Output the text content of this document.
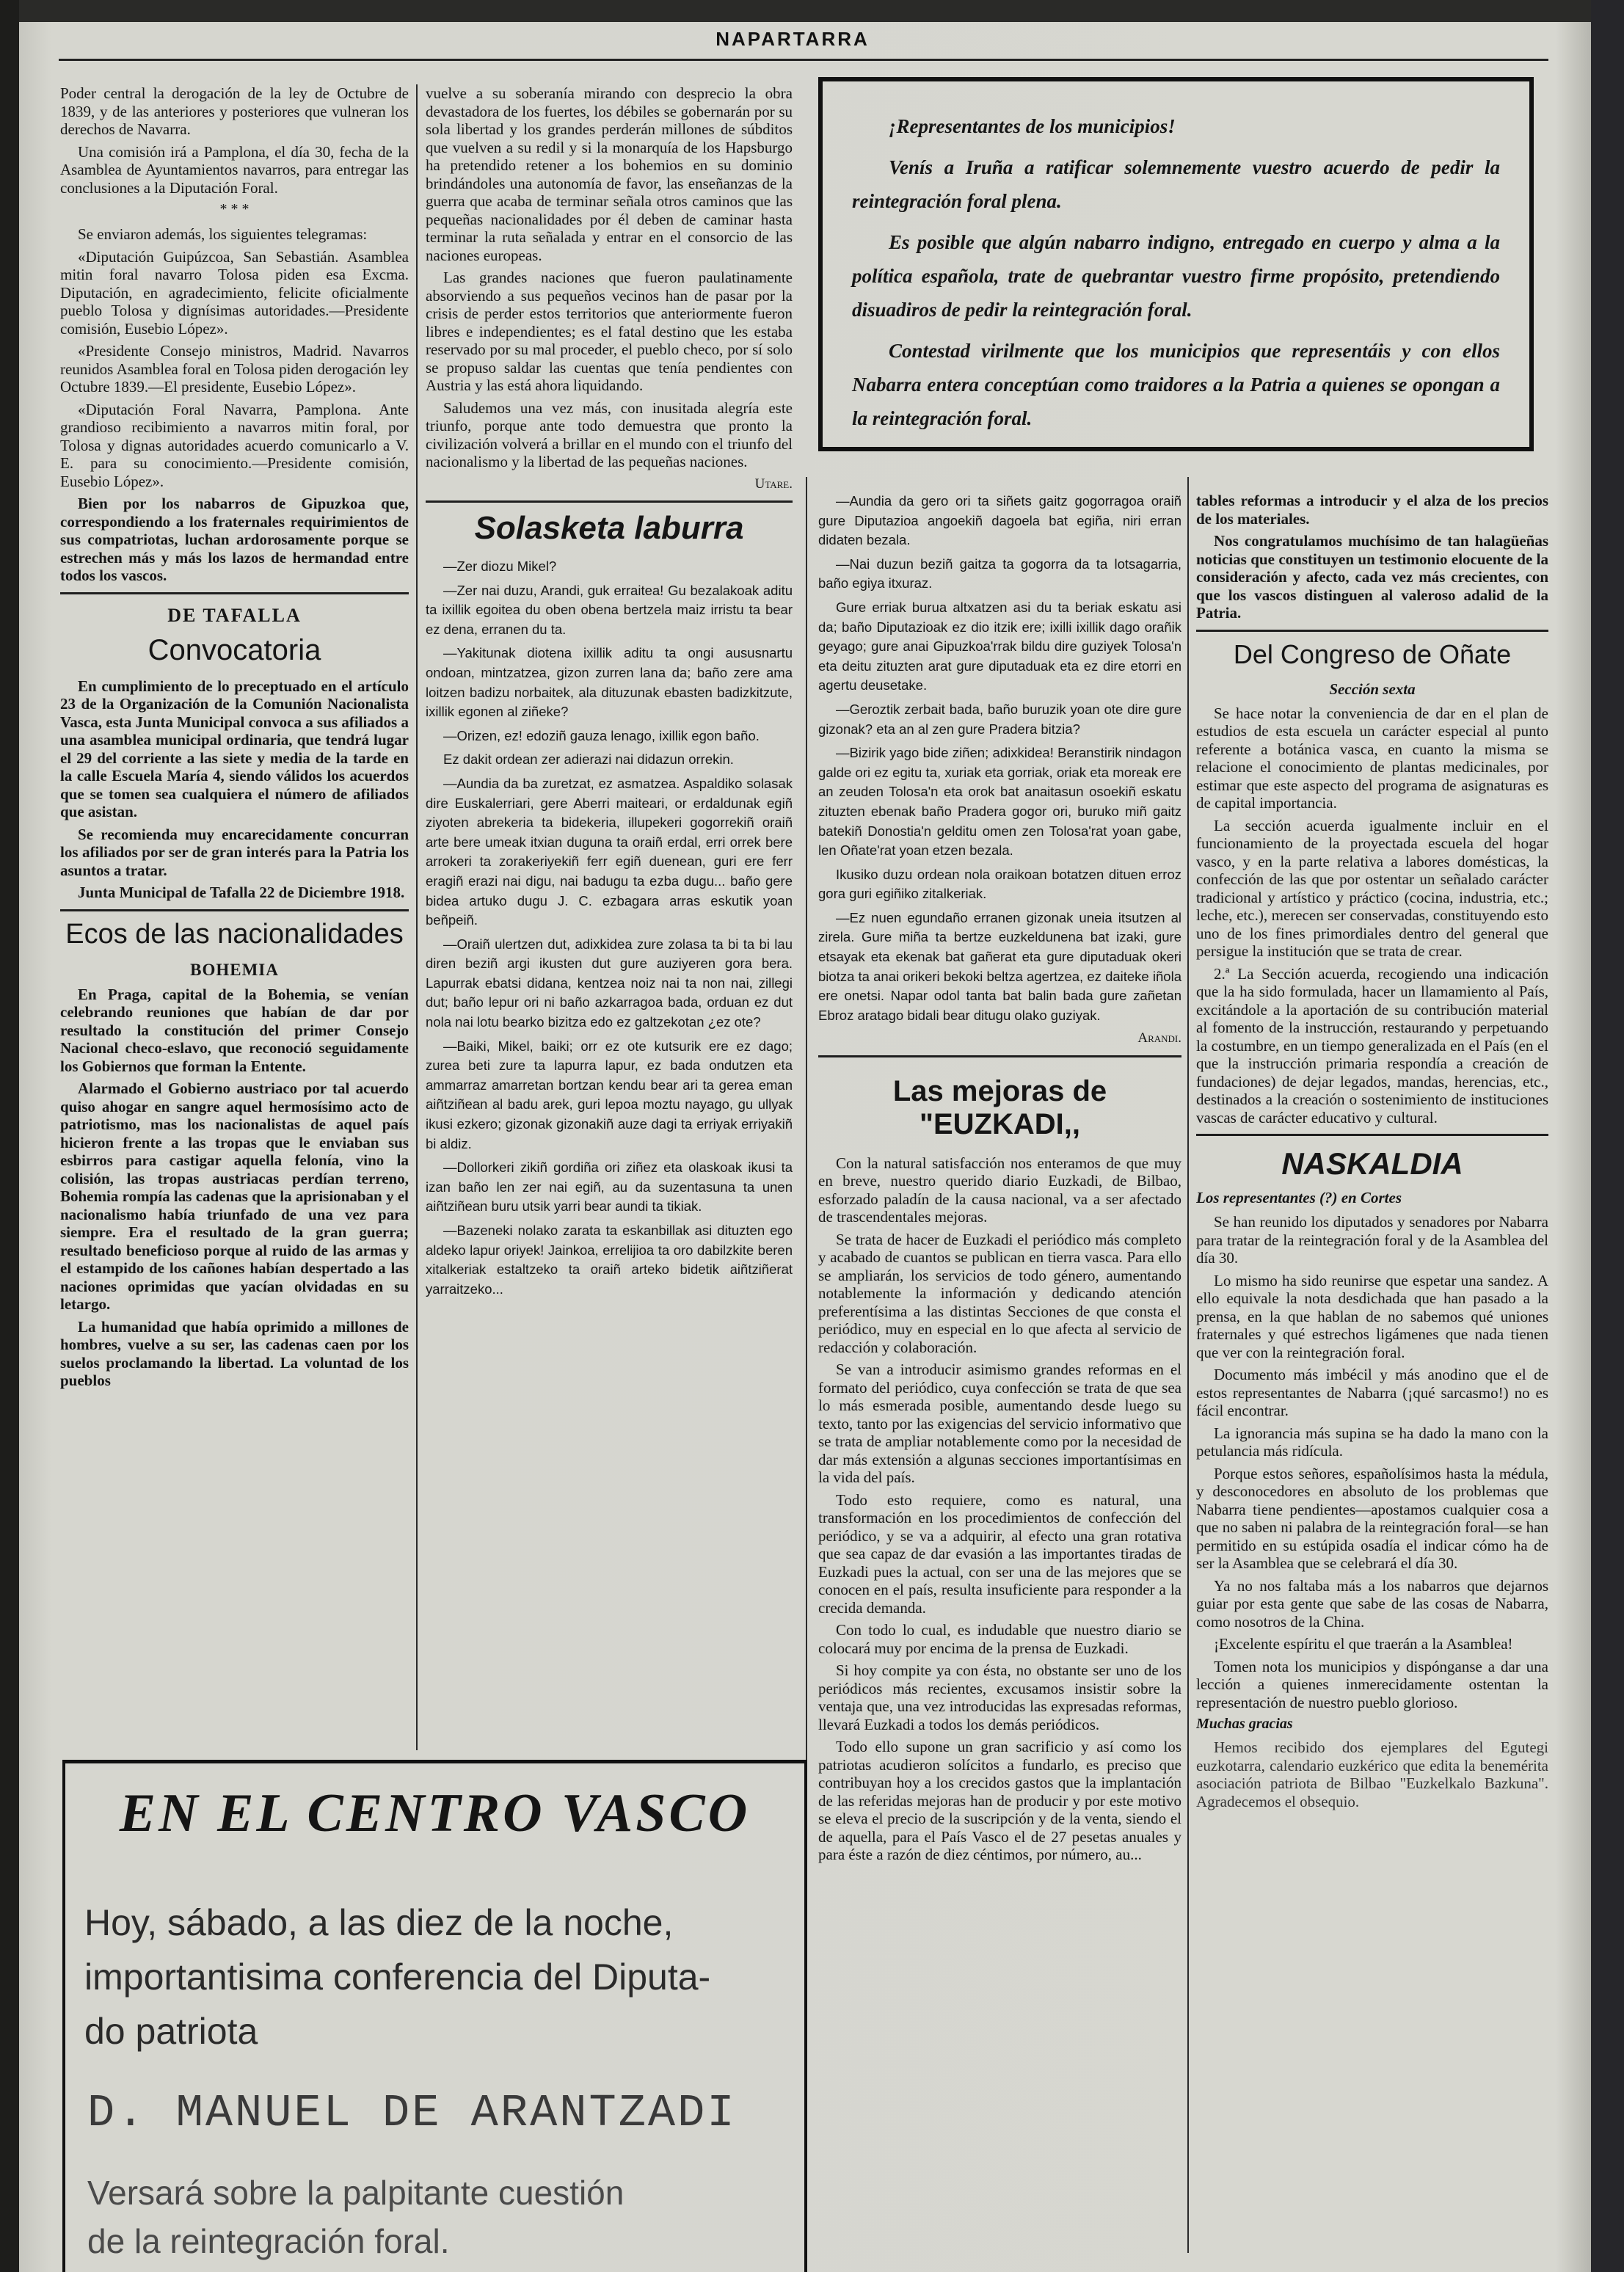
NAPARTARRA

Poder central la derogación de la ley de Octubre de 1839, y de las anteriores y posteriores que vulneran los derechos de Navarra.

Una comisión irá a Pamplona, el día 30, fecha de la Asamblea de Ayuntamientos navarros, para entregar las conclusiones a la Diputación Foral.

* * *

Se enviaron además, los siguientes telegramas:

«Diputación Guipúzcoa, San Sebastián. Asamblea mitin foral navarro Tolosa piden esa Excma. Diputación, en agradecimiento, felicite oficialmente pueblo Tolosa y dignísimas autoridades.—Presidente comisión, Eusebio López».

«Presidente Consejo ministros, Madrid. Navarros reunidos Asamblea foral en Tolosa piden derogación ley Octubre 1839.—El presidente, Eusebio López».

«Diputación Foral Navarra, Pamplona. Ante grandioso recibimiento a navarros mitin foral, por Tolosa y dignas autoridades acuerdo comunicarlo a V. E. para su conocimiento.—Presidente comisión, Eusebio López».

Bien por los nabarros de Gipuzkoa que, correspondiendo a los fraternales requirimientos de sus compatriotas, luchan ardorosamente porque se estrechen más y más los lazos de hermandad entre todos los vascos.

DE TAFALLA
Convocatoria

En cumplimiento de lo preceptuado en el artículo 23 de la Organización de la Comunión Nacionalista Vasca, esta Junta Municipal convoca a sus afiliados a una asamblea municipal ordinaria, que tendrá lugar el 29 del corriente a las siete y media de la tarde en la calle Escuela María 4, siendo válidos los acuerdos que se tomen sea cualquiera el número de afiliados que asistan.

Se recomienda muy encarecidamente concurran los afiliados por ser de gran interés para la Patria los asuntos a tratar.

Junta Municipal de Tafalla 22 de Diciembre 1918.

Ecos de las nacionalidades
BOHEMIA

En Praga, capital de la Bohemia, se venían celebrando reuniones que habían de dar por resultado la constitución del primer Consejo Nacional checo-eslavo, que reconoció seguidamente los Gobiernos que forman la Entente.

Alarmado el Gobierno austriaco por tal acuerdo quiso ahogar en sangre aquel hermosísimo acto de patriotismo, mas los nacionalistas de aquel país hicieron frente a las tropas que le enviaban sus esbirros para castigar aquella felonía, vino la colisión, las tropas austriacas perdían terreno, Bohemia rompía las cadenas que la aprisionaban y el nacionalismo había triunfado de una vez para siempre. Era el resultado de la gran guerra; resultado beneficioso porque al ruido de las armas y el estampido de los cañones habían despertado a las naciones oprimidas que yacían olvidadas en su letargo.

La humanidad que había oprimido a millones de hombres, vuelve a su ser, las cadenas caen por los suelos proclamando la libertad. La voluntad de los pueblos

vuelve a su soberanía mirando con desprecio la obra devastadora de los fuertes, los débiles se gobernarán por su sola libertad y los grandes perderán millones de súbditos que vuelven a su redil y si la monarquía de los Hapsburgo ha pretendido retener a los bohemios en su dominio brindándoles una autonomía de favor, las enseñanzas de la guerra que acaba de terminar señala otros caminos que las pequeñas nacionalidades por él deben de caminar hasta terminar la ruta señalada y entrar en el consorcio de las naciones europeas.

Las grandes naciones que fueron paulatinamente absorviendo a sus pequeños vecinos han de pasar por la crisis de perder estos territorios que anteriormente fueron libres e independientes; es el fatal destino que les estaba reservado por su mal proceder, el pueblo checo, por sí solo se propuso saldar las cuentas que tenía pendientes con Austria y las está ahora liquidando.

Saludemos una vez más, con inusitada alegría este triunfo, porque ante todo demuestra que pronto la civilización volverá a brillar en el mundo con el triunfo del nacionalismo y la libertad de las pequeñas naciones.

Utare.

Solasketa laburra

—Zer diozu Mikel?

—Zer nai duzu, Arandi, guk erraitea! Gu bezalakoak aditu ta ixillik egoitea du oben obena bertzela maiz irristu ta bear ez dena, erranen du ta.

—Yakitunak diotena ixillik aditu ta ongi aususnartu ondoan, mintzatzea, gizon zurren lana da; baño zere ama loitzen badizu norbaitek, ala dituzunak ebasten badizkitzute, ixillik egonen al ziñeke?

—Orizen, ez! edoziñ gauza lenago, ixillik egon baño.

Ez dakit ordean zer adierazi nai didazun orrekin.

—Aundia da ba zuretzat, ez asmatzea. Aspaldiko solasak dire Euskalerriari, gere Aberri maiteari, or erdaldunak egiñ ziyoten abrekeria ta bidekeria, illupekeri gogorrekiñ oraiñ arte bere umeak itxian duguna ta oraiñ erdal, erri orrek bere arrokeri ta zorakeriyekiñ ferr egiñ duenean, guri ere ferr eragiñ erazi nai digu, nai badugu ta ezba dugu... baño gere bidea artuko dugu J. C. ezbagara arras eskutik yoan beñpeiñ.

—Oraiñ ulertzen dut, adixkidea zure zolasa ta bi ta bi lau diren beziñ argi ikusten dut gure auziyeren gora bera. Lapurrak ebatsi didana, kentzea noiz nai ta non nai, zillegi dut; baño lepur ori ni baño azkarragoa bada, orduan ez dut nola nai lotu bearko bizitza edo ez galtzekotan ¿ez ote?

—Baiki, Mikel, baiki; orr ez ote kutsurik ere ez dago; zurea beti zure ta lapurra lapur, ez bada ondutzen eta ammarraz amarretan bortzan kendu bear ari ta gerea eman aiñtziñean al badu arek, guri lepoa moztu nayago, gu ullyak ikusi ezkero; gizonak gizonakiñ auze dagi ta erriyak erriyakiñ bi aldiz.

—Dollorkeri zikiñ gordiña ori ziñez eta olaskoak ikusi ta izan baño len zer nai egiñ, au da suzentasuna ta unen aiñtziñean buru utsik yarri bear aundi ta tikiak.

—Bazeneki nolako zarata ta eskanbillak asi dituzten ego aldeko lapur oriyek! Jainkoa, errelijioa ta oro dabilzkite beren xitalkeriak estaltzeko ta oraiñ arteko bidetik aiñtziñerat yarraitzeko...

¡Representantes de los municipios!

Venís a Iruña a ratificar solemnemente vuestro acuerdo de pedir la reintegración foral plena.

Es posible que algún nabarro indigno, entregado en cuerpo y alma a la política española, trate de quebrantar vuestro firme propósito, pretendiendo disuadiros de pedir la reintegración foral.

Contestad virilmente que los municipios que representáis y con ellos Nabarra entera conceptúan como traidores a la Patria a quienes se opongan a la reintegración foral.

—Aundia da gero ori ta siñets gaitz gogorragoa oraiñ gure Diputazioa angoekiñ dagoela bat egiña, niri erran didaten bezala.

—Nai duzun beziñ gaitza ta gogorra da ta lotsagarria, baño egiya itxuraz.

Gure erriak burua altxatzen asi du ta beriak eskatu asi da; baño Diputazioak ez dio itzik ere; ixilli ixillik dago orañik geyago; gure anai Gipuzkoa'rrak bildu dire guziyek Tolosa'n eta deitu zituzten arat gure diputaduak eta ez dire etorri en agertu deusetake.

—Geroztik zerbait bada, baño buruzik yoan ote dire gure gizonak? eta an al zen gure Pradera bitzia?

—Bizirik yago bide ziñen; adixkidea! Beranstirik nindagon galde ori ez egitu ta, xuriak eta gorriak, oriak eta moreak ere an zeuden Tolosa'n eta orok bat anaitasun osoekiñ eskatu zituzten ebenak baño Pradera gogor ori, buruko miñ gaitz batekiñ Donostia'n gelditu omen zen Tolosa'rat yoan gabe, len Oñate'rat yoan etzen bezala.

Ikusiko duzu ordean nola oraikoan botatzen dituen erroz gora guri egiñiko zitalkeriak.

—Ez nuen egundaño erranen gizonak uneia itsutzen al zirela. Gure miña ta bertze euzkeldunena bat izaki, gure etsayak eta ekenak bat gañerat eta gure diputaduak okeri biotza ta anai orikeri bekoki beltza agertzea, ez daiteke iñola ere onetsi. Napar odol tanta bat balin bada gure zañetan Ebroz aratago bidali bear ditugu olako guziyak.

Arandi.

Las mejoras de "EUZKADI,,

Con la natural satisfacción nos enteramos de que muy en breve, nuestro querido diario Euzkadi, de Bilbao, esforzado paladín de la causa nacional, va a ser afectado de trascendentales mejoras.

Se trata de hacer de Euzkadi el periódico más completo y acabado de cuantos se publican en tierra vasca. Para ello se ampliarán, los servicios de todo género, aumentando notablemente la información y dedicando atención preferentísima a las distintas Secciones de que consta el periódico, muy en especial en lo que afecta al servicio de redacción y colaboración.

Se van a introducir asimismo grandes reformas en el formato del periódico, cuya confección se trata de que sea lo más esmerada posible, aumentando desde luego su texto, tanto por las exigencias del servicio informativo que se trata de ampliar notablemente como por la necesidad de dar más extensión a algunas secciones importantísimas en la vida del país.

Todo esto requiere, como es natural, una transformación en los procedimientos de confección del periódico, y se va a adquirir, al efecto una gran rotativa que sea capaz de dar evasión a las importantes tiradas de Euzkadi pues la actual, con ser una de las mejores que se conocen en el país, resulta insuficiente para responder a la crecida demanda.

Con todo lo cual, es indudable que nuestro diario se colocará muy por encima de la prensa de Euzkadi.

Si hoy compite ya con ésta, no obstante ser uno de los periódicos más recientes, excusamos insistir sobre la ventaja que, una vez introducidas las expresadas reformas, llevará Euzkadi a todos los demás periódicos.

Todo ello supone un gran sacrificio y así como los patriotas acudieron solícitos a fundarlo, es preciso que contribuyan hoy a los crecidos gastos que la implantación de las referidas mejoras han de producir y por este motivo se eleva el precio de la suscripción y de la venta, siendo el de aquella, para el País Vasco el de 27 pesetas anuales y para éste a razón de diez céntimos, por número, au...

tables reformas a introducir y el alza de los precios de los materiales.

Nos congratulamos muchísimo de tan halagüeñas noticias que constituyen un testimonio elocuente de la consideración y afecto, cada vez más crecientes, con que los vascos distinguen al valeroso adalid de la Patria.

Del Congreso de Oñate
Sección sexta

Se hace notar la conveniencia de dar en el plan de estudios de esta escuela un carácter especial al punto referente a botánica vasca, en cuanto la misma se relacione el conocimiento de plantas medicinales, por estimar que este aspecto del programa de asignaturas es de capital importancia.

La sección acuerda igualmente incluir en el funcionamiento de la proyectada escuela del hogar vasco, y en la parte relativa a labores domésticas, la confección de las que por ostentar un señalado carácter tradicional y artístico y práctico (cocina, industria, etc.; leche, etc.), merecen ser conservadas, constituyendo esto uno de los fines primordiales dentro del general que persigue la institución que se trata de crear.

2.ª La Sección acuerda, recogiendo una indicación que la ha sido formulada, hacer un llamamiento al País, excitándole a la aportación de su contribución material al fomento de la instrucción, restaurando y perpetuando la costumbre, en un tiempo generalizada en el País (en el que la instrucción primaria respondía a creación de fundaciones) de dejar legados, mandas, herencias, etc., destinados a la creación o sostenimiento de instituciones vascas de carácter educativo y cultural.

NASKALDIA
Los representantes (?) en Cortes

Se han reunido los diputados y senadores por Nabarra para tratar de la reintegración foral y de la Asamblea del día 30.

Lo mismo ha sido reunirse que espetar una sandez. A ello equivale la nota desdichada que han pasado a la prensa, en la que hablan de no sabemos qué uniones fraternales y qué estrechos ligámenes que nada tienen que ver con la reintegración foral.

Documento más imbécil y más anodino que el de estos representantes de Nabarra (¡qué sarcasmo!) no es fácil encontrar.

La ignorancia más supina se ha dado la mano con la petulancia más ridícula.

Porque estos señores, españolísimos hasta la médula, y desconocedores en absoluto de los problemas que Nabarra tiene pendientes—apostamos cualquier cosa a que no saben ni palabra de la reintegración foral—se han permitido en su estúpida osadía el indicar cómo ha de ser la Asamblea que se celebrará el día 30.

Ya no nos faltaba más a los nabarros que dejarnos guiar por esta gente que sabe de las cosas de Nabarra, como nosotros de la China.

¡Excelente espíritu el que traerán a la Asamblea!

Tomen nota los municipios y dispónganse a dar una lección a quienes inmerecidamente ostentan la representación de nuestro pueblo glorioso.

Muchas gracias

Hemos recibido dos ejemplares del Egutegi euzkotarra, calendario euzkérico que edita la benemérita asociación patriota de Bilbao "Euzkelkalo Bazkuna". Agradecemos el obsequio.

EN EL CENTRO VASCO
Hoy, sábado, a las diez de la noche,
importantisima conferencia del Diputa-
do patriota
D. MANUEL DE ARANTZADI
Versará sobre la palpitante cuestión
de la reintegración foral.
